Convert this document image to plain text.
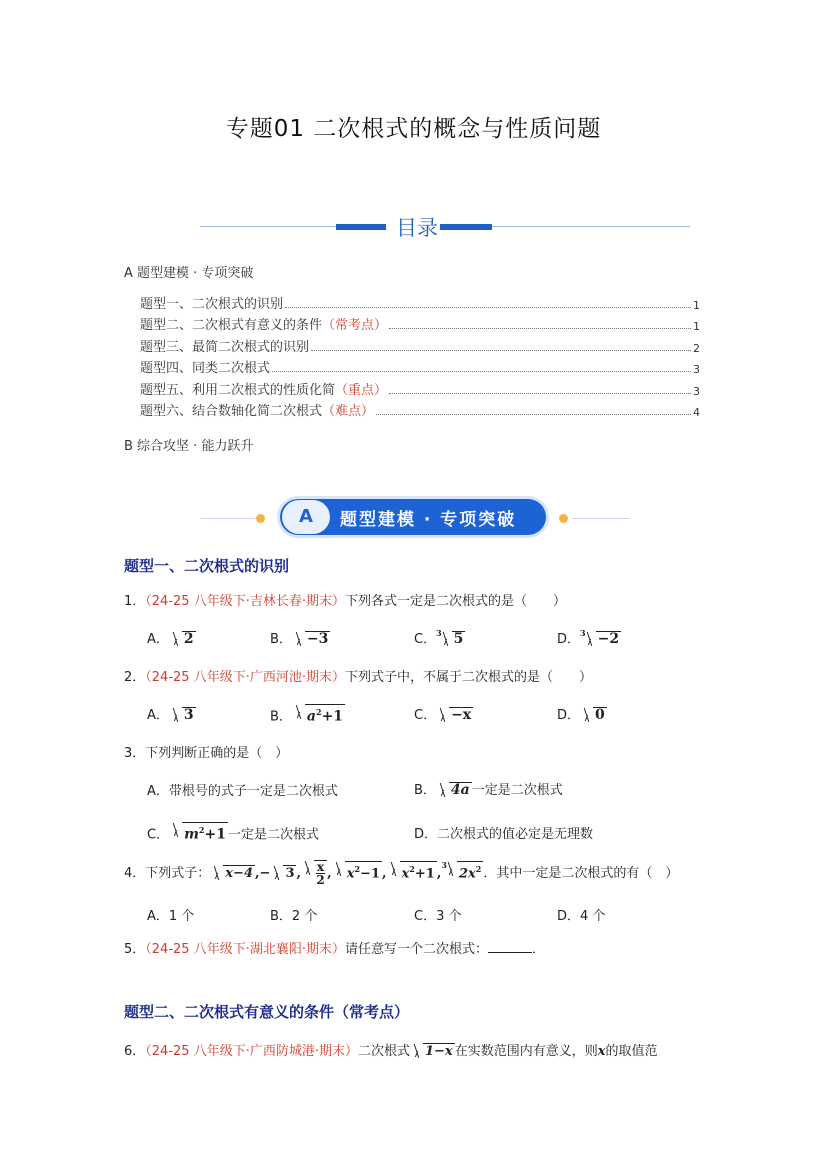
专题01 二次根式的概念与性质问题
目录
A 题型建模 · 专项突破
题型一、二次根式的识别	1
题型二、二次根式有意义的条件 （常考点）	1
题型三、最简二次根式的识别	2
题型四、同类二次根式	3
题型五、利用二次根式的性质化简 （重点）	3
题型六、结合数轴化简二次根式 （难点）	4
B 综合攻坚 · 能力跃升
A	题型建模 · 专项突破
题型一、二次根式的识别
1．（24-25 八年级下·吉林长春·期末）下列各式一定是二次根式的是（　　）
A． 2	B． −3	C．$^3$ 5	D．$^3$ −2
2．（24-25 八年级下·广西河池·期末）下列式子中，不属于二次根式的是（　　）
A． 3	B． $a^2+1$	C． −x	D． 0
3．下列判断正确的是（　）
A．带根号的式子一定是二次根式	B． 4a 一定是二次根式
C． $m^2+1$ 一定是二次根式	D．二次根式的值必定是无理数
4．下列式子： x−4 ,− 3 , $\frac{x}{2}$ , $x^2-1$ , $x^2+1$ ,$^3$
$2x^2$ ．其中一定是二次根式的有（　）
A．1 个	B．2 个	C．3 个	D．4 个
5．（24-25 八年级下·湖北襄阳·期末）请任意写一个二次根式：	．
题型二、二次根式有意义的条件（常考点）
6．（24-25 八年级下·广西防城港·期末）二次根式 1−x 在实数范围内有意义，则x的取值范
